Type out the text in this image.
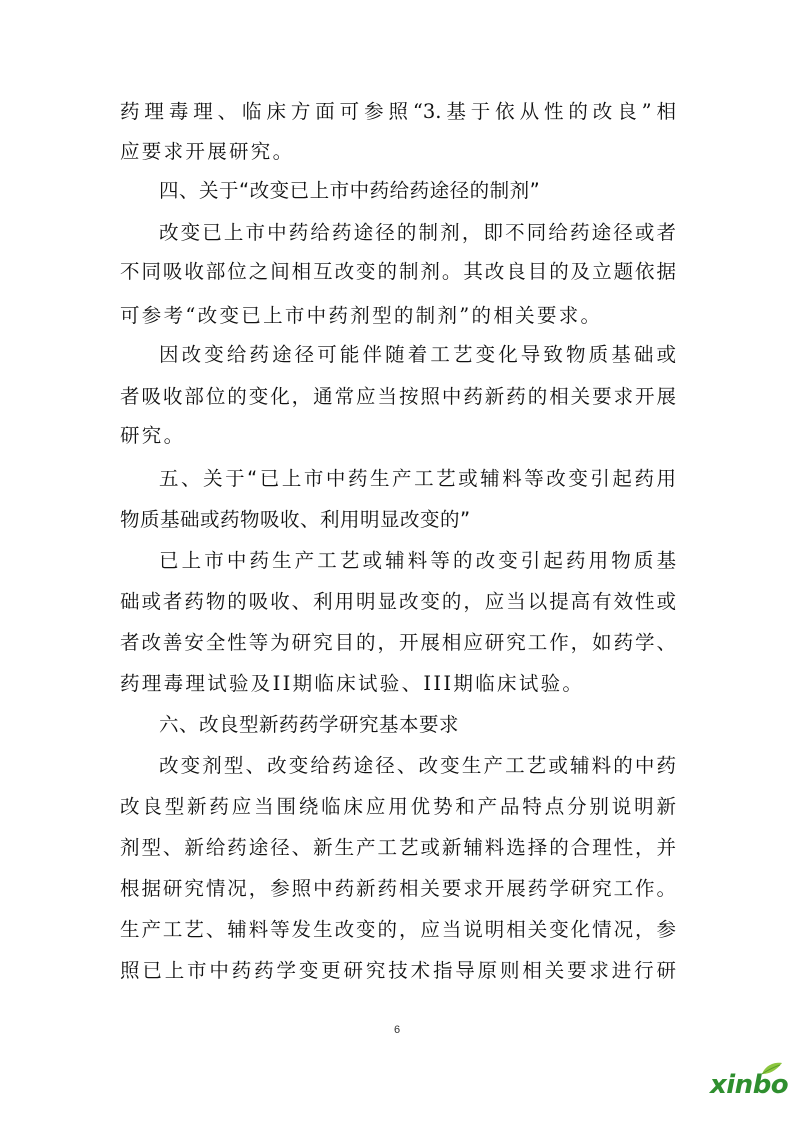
药理毒理、临床方面可参照“3.基于依从性的改良”相
应要求开展研究。
四、关于“改变已上市中药给药途径的制剂”
改变已上市中药给药途径的制剂，即不同给药途径或者
不同吸收部位之间相互改变的制剂。其改良目的及立题依据
可参考“改变已上市中药剂型的制剂”的相关要求。
因改变给药途径可能伴随着工艺变化导致物质基础或
者吸收部位的变化，通常应当按照中药新药的相关要求开展
研究。
五、关于“已上市中药生产工艺或辅料等改变引起药用
物质基础或药物吸收、利用明显改变的”
已上市中药生产工艺或辅料等的改变引起药用物质基
础或者药物的吸收、利用明显改变的，应当以提高有效性或
者改善安全性等为研究目的，开展相应研究工作，如药学、
药理毒理试验及II期临床试验、III期临床试验。
六、改良型新药药学研究基本要求
改变剂型、改变给药途径、改变生产工艺或辅料的中药
改良型新药应当围绕临床应用优势和产品特点分别说明新
剂型、新给药途径、新生产工艺或新辅料选择的合理性，并
根据研究情况，参照中药新药相关要求开展药学研究工作。
生产工艺、辅料等发生改变的，应当说明相关变化情况，参
照已上市中药药学变更研究技术指导原则相关要求进行研
6
xinbo
